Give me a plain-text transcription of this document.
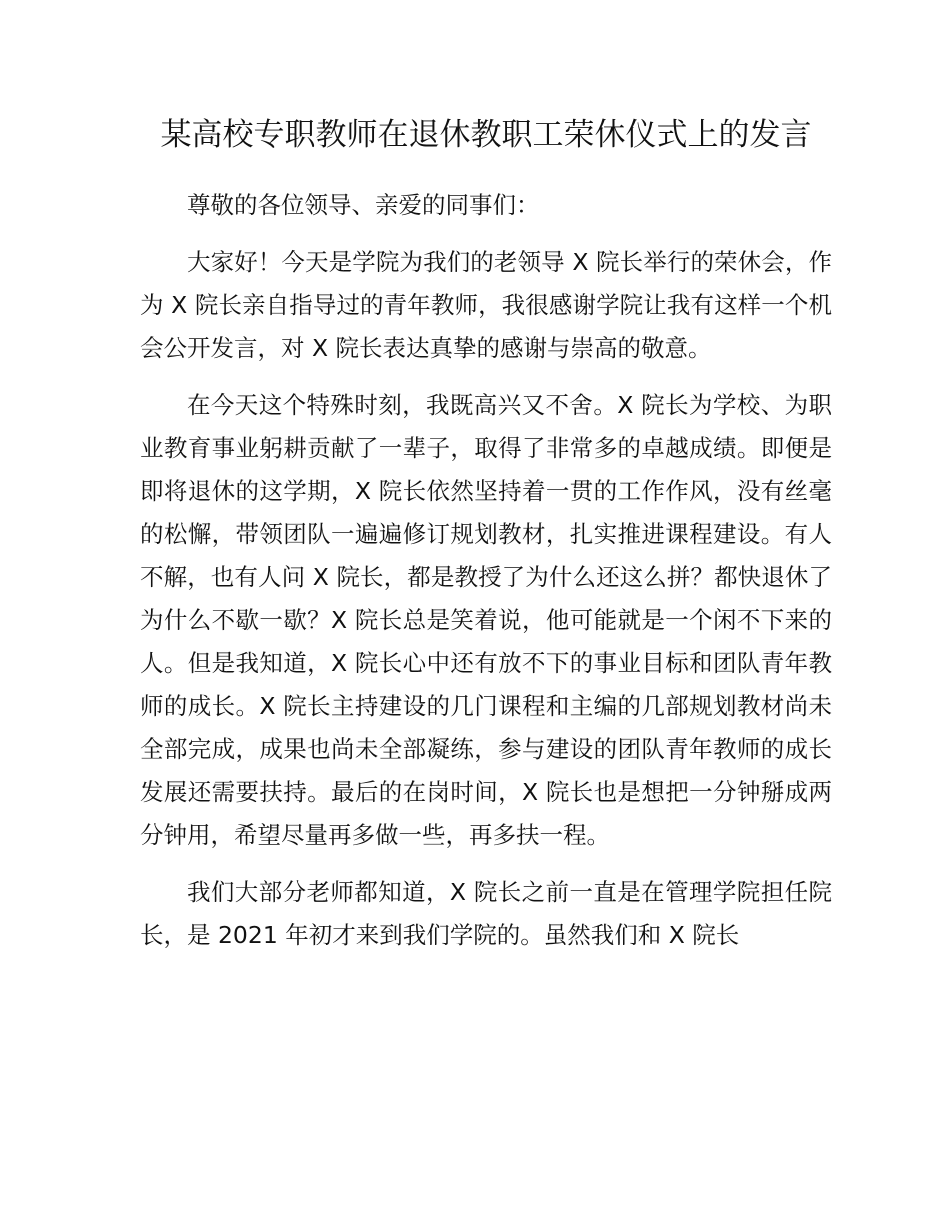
某高校专职教师在退休教职工荣休仪式上的发言

尊敬的各位领导、亲爱的同事们：

大家好！今天是学院为我们的老领导 X 院长举行的荣休会，作为 X 院长亲自指导过的青年教师，我很感谢学院让我有这样一个机会公开发言，对 X 院长表达真挚的感谢与崇高的敬意。

在今天这个特殊时刻，我既高兴又不舍。X 院长为学校、为职业教育事业躬耕贡献了一辈子，取得了非常多的卓越成绩。即便是即将退休的这学期，X 院长依然坚持着一贯的工作作风，没有丝毫的松懈，带领团队一遍遍修订规划教材，扎实推进课程建设。有人不解，也有人问 X 院长，都是教授了为什么还这么拼？都快退休了为什么不歇一歇？X 院长总是笑着说，他可能就是一个闲不下来的人。但是我知道，X 院长心中还有放不下的事业目标和团队青年教师的成长。X 院长主持建设的几门课程和主编的几部规划教材尚未全部完成，成果也尚未全部凝练，参与建设的团队青年教师的成长发展还需要扶持。最后的在岗时间，X 院长也是想把一分钟掰成两分钟用，希望尽量再多做一些，再多扶一程。

我们大部分老师都知道，X 院长之前一直是在管理学院担任院长，是 2021 年初才来到我们学院的。虽然我们和 X 院长
